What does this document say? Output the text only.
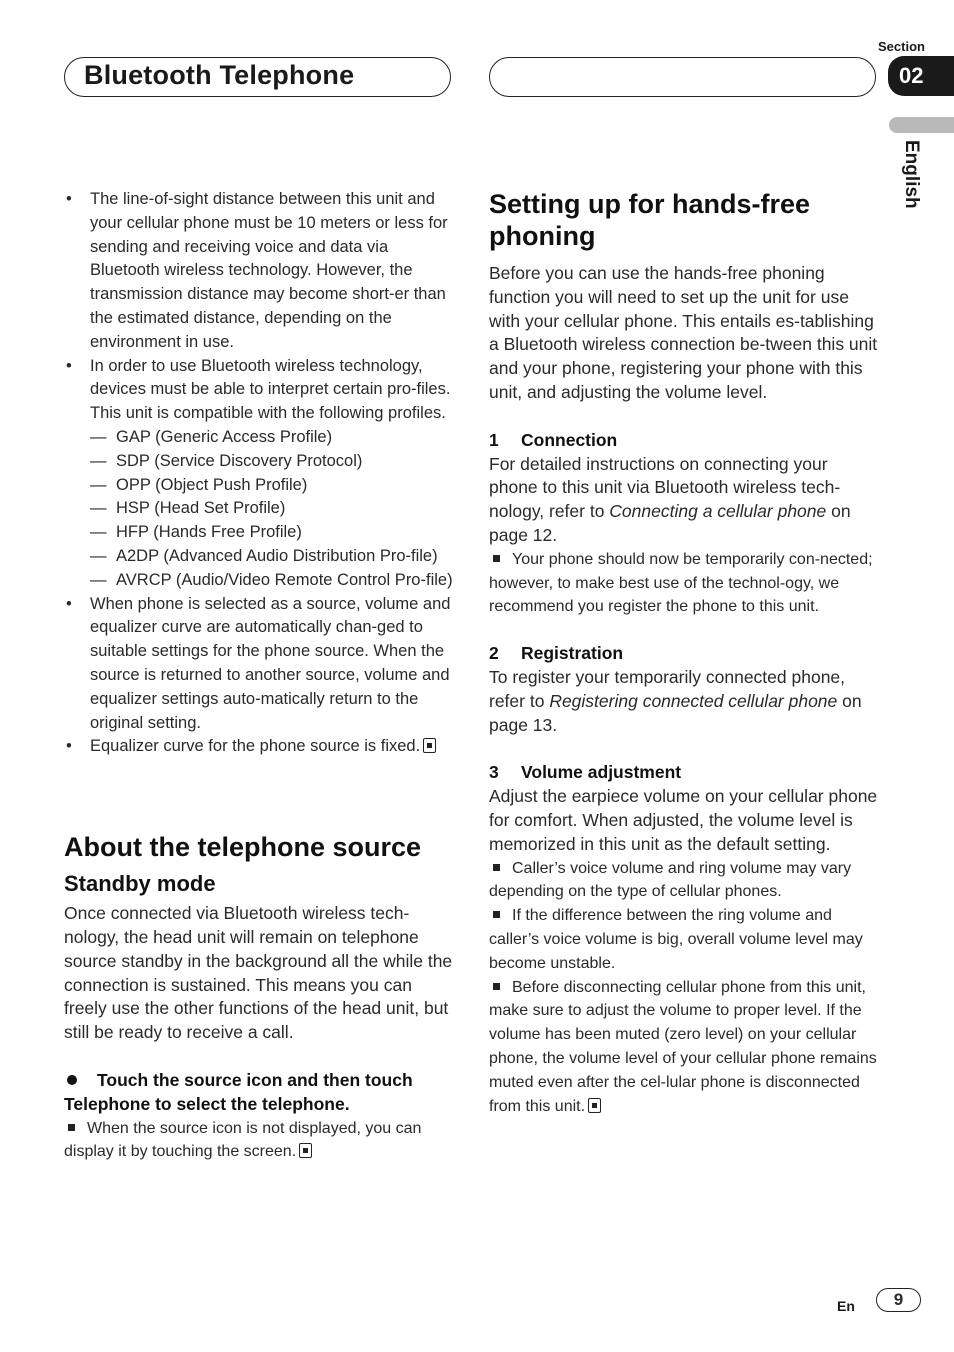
Bluetooth Telephone
Section
02
English
• The line-of-sight distance between this unit and your cellular phone must be 10 meters or less for sending and receiving voice and data via Bluetooth wireless technology. However, the transmission distance may become short-er than the estimated distance, depending on the environment in use.
• In order to use Bluetooth wireless technology, devices must be able to interpret certain pro-files. This unit is compatible with the following profiles.
— GAP (Generic Access Profile)
— SDP (Service Discovery Protocol)
— OPP (Object Push Profile)
— HSP (Head Set Profile)
— HFP (Hands Free Profile)
— A2DP (Advanced Audio Distribution Pro-file)
— AVRCP (Audio/Video Remote Control Pro-file)
• When phone is selected as a source, volume and equalizer curve are automatically chan-ged to suitable settings for the phone source. When the source is returned to another source, volume and equalizer settings auto-matically return to the original setting.
• Equalizer curve for the phone source is fixed.
About the telephone source
Standby mode

Once connected via Bluetooth wireless tech-nology, the head unit will remain on telephone source standby in the background all the while the connection is sustained. This means you can freely use the other functions of the head unit, but still be ready to receive a call.

Touch the source icon and then touch Telephone to select the telephone.

When the source icon is not displayed, you can display it by touching the screen.

Setting up for hands-free phoning

Before you can use the hands-free phoning function you will need to set up the unit for use with your cellular phone. This entails es-tablishing a Bluetooth wireless connection be-tween this unit and your phone, registering your phone with this unit, and adjusting the volume level.

1 Connection

For detailed instructions on connecting your phone to this unit via Bluetooth wireless tech-nology, refer to Connecting a cellular phone on page 12.

Your phone should now be temporarily con-nected; however, to make best use of the technol-ogy, we recommend you register the phone to this unit.

2 Registration

To register your temporarily connected phone, refer to Registering connected cellular phone on page 13.

3 Volume adjustment

Adjust the earpiece volume on your cellular phone for comfort. When adjusted, the volume level is memorized in this unit as the default setting.

Caller’s voice volume and ring volume may vary depending on the type of cellular phones.

If the difference between the ring volume and caller’s voice volume is big, overall volume level may become unstable.

Before disconnecting cellular phone from this unit, make sure to adjust the volume to proper level. If the volume has been muted (zero level) on your cellular phone, the volume level of your cellular phone remains muted even after the cel-lular phone is disconnected from this unit.

En	9
